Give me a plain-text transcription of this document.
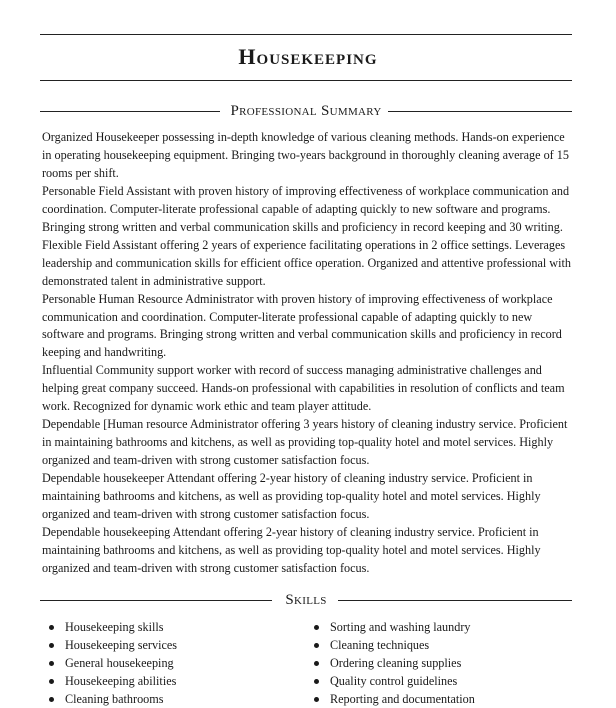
Housekeeping
Professional Summary

Organized Housekeeper possessing in-depth knowledge of various cleaning methods. Hands-on experience in operating housekeeping equipment. Bringing two-years background in thoroughly cleaning average of 15 rooms per shift.

Personable Field Assistant with proven history of improving effectiveness of workplace communication and coordination. Computer-literate professional capable of adapting quickly to new software and programs. Bringing strong written and verbal communication skills and proficiency in record keeping and 30 writing.

Flexible Field Assistant offering 2 years of experience facilitating operations in 2 office settings. Leverages leadership and communication skills for efficient office operation. Organized and attentive professional with demonstrated talent in administrative support.

Personable Human Resource Administrator with proven history of improving effectiveness of workplace communication and coordination. Computer-literate professional capable of adapting quickly to new software and programs. Bringing strong written and verbal communication skills and proficiency in record keeping and handwriting.

Influential Community support worker with record of success managing administrative challenges and helping great company succeed. Hands-on professional with capabilities in resolution of conflicts and team work. Recognized for dynamic work ethic and team player attitude.

Dependable [Human resource Administrator offering 3 years history of cleaning industry service. Proficient in maintaining bathrooms and kitchens, as well as providing top-quality hotel and motel services. Highly organized and team-driven with strong customer satisfaction focus.

Dependable housekeeper Attendant offering 2-year history of cleaning industry service. Proficient in maintaining bathrooms and kitchens, as well as providing top-quality hotel and motel services. Highly organized and team-driven with strong customer satisfaction focus.

Dependable housekeeping Attendant offering 2-year history of cleaning industry service. Proficient in maintaining bathrooms and kitchens, as well as providing top-quality hotel and motel services. Highly organized and team-driven with strong customer satisfaction focus.

Skills
Housekeeping skills
Housekeeping services
General housekeeping
Housekeeping abilities
Cleaning bathrooms
Sorting and washing laundry
Cleaning techniques
Ordering cleaning supplies
Quality control guidelines
Reporting and documentation
